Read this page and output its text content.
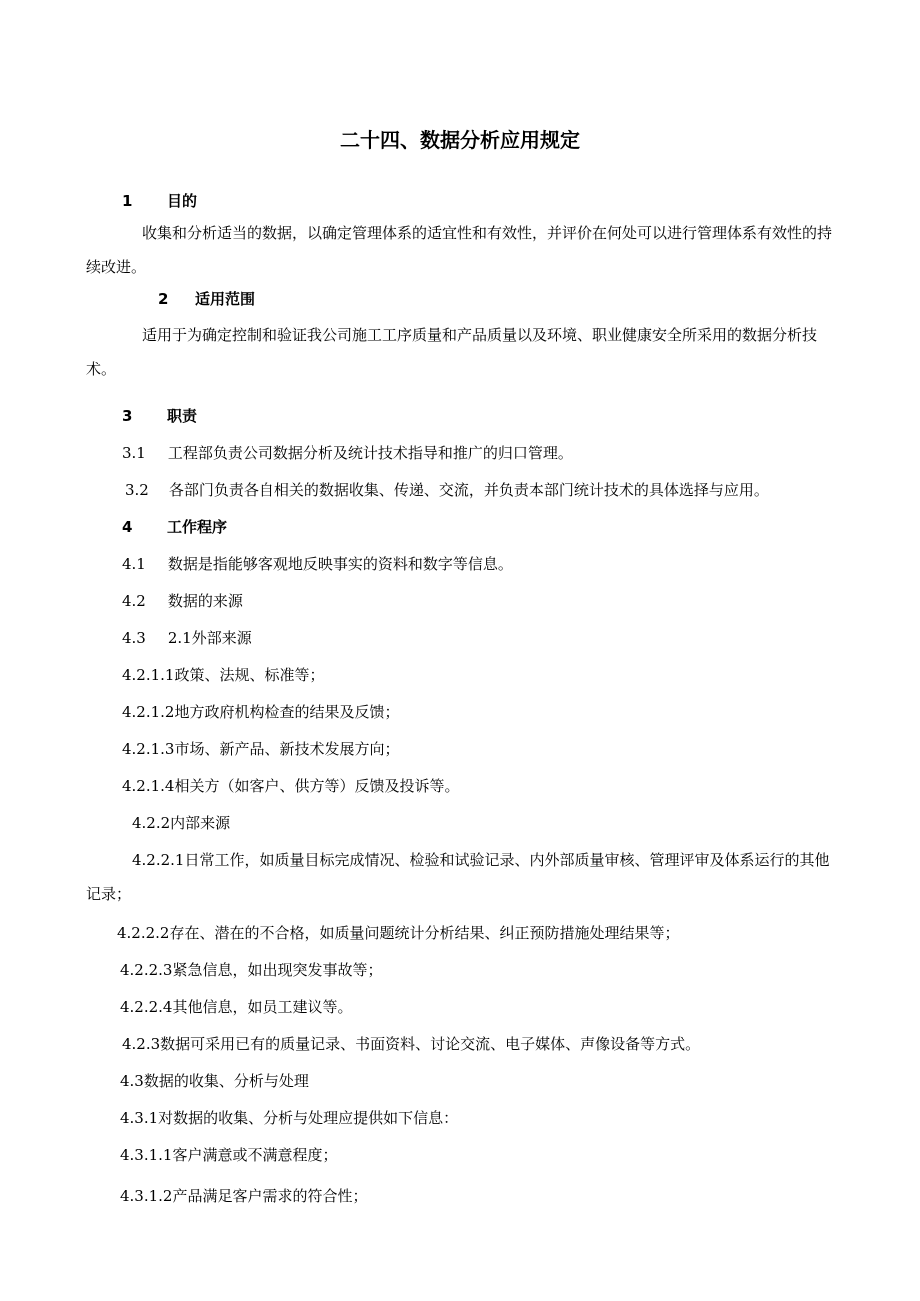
二十四、数据分析应用规定
1 目的

收集和分析适当的数据，以确定管理体系的适宜性和有效性，并评价在何处可以进行管理体系有效性的持续改进。

2 适用范围

适用于为确定控制和验证我公司施工工序质量和产品质量以及环境、职业健康安全所采用的数据分析技术。

3 职责
3.1 工程部负责公司数据分析及统计技术指导和推广的归口管理。
3.2 各部门负责各自相关的数据收集、传递、交流，并负责本部门统计技术的具体选择与应用。
4 工作程序
4.1 数据是指能够客观地反映事实的资料和数字等信息。
4.2 数据的来源
4.3 2.1外部来源
4.2.1.1政策、法规、标准等；
4.2.1.2地方政府机构检查的结果及反馈；
4.2.1.3市场、新产品、新技术发展方向；
4.2.1.4相关方（如客户、供方等）反馈及投诉等。
4.2.2内部来源

4.2.2.1日常工作，如质量目标完成情况、检验和试验记录、内外部质量审核、管理评审及体系运行的其他记录；

4.2.2.2存在、潜在的不合格，如质量问题统计分析结果、纠正预防措施处理结果等；
4.2.2.3紧急信息，如出现突发事故等；
4.2.2.4其他信息，如员工建议等。
4.2.3数据可采用已有的质量记录、书面资料、讨论交流、电子媒体、声像设备等方式。
4.3数据的收集、分析与处理
4.3.1对数据的收集、分析与处理应提供如下信息：
4.3.1.1客户满意或不满意程度；
4.3.1.2产品满足客户需求的符合性；
